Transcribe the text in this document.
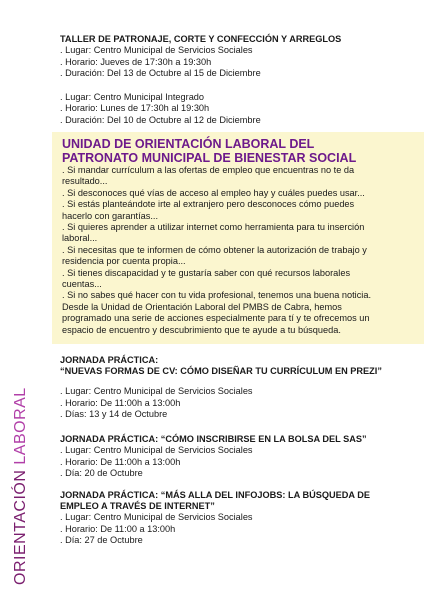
ORIENTACIÓN LABORAL
TALLER DE PATRONAJE, CORTE Y CONFECCIÓN Y ARREGLOS
. Lugar: Centro Municipal de Servicios Sociales
. Horario: Jueves de 17:30h a 19:30h
. Duración: Del 13 de Octubre al 15 de Diciembre
. Lugar: Centro Municipal Integrado
. Horario: Lunes de 17:30h al 19:30h
. Duración: Del 10 de Octubre al 12 de Diciembre
UNIDAD DE ORIENTACIÓN LABORAL DEL
PATRONATO MUNICIPAL DE BIENESTAR SOCIAL
. Si mandar currículum a las ofertas de empleo que encuentras no te da
resultado...
. Si desconoces qué vías de acceso al empleo hay y cuáles puedes usar...
. Si estás planteándote irte al extranjero pero desconoces cómo puedes
hacerlo con garantías...
. Si quieres aprender a utilizar internet como herramienta para tu inserción
laboral...
. Si necesitas que te informen de cómo obtener la autorización de trabajo y
residencia por cuenta propia...
. Si tienes discapacidad y te gustaría saber con qué recursos laborales
cuentas...
. Si no sabes qué hacer con tu vida profesional, tenemos una buena noticia.
Desde la Unidad de Orientación Laboral del PMBS de Cabra, hemos
programado una serie de acciones especialmente para tí y te ofrecemos un
espacio de encuentro y descubrimiento que te ayude a tu búsqueda.
JORNADA PRÁCTICA:
“NUEVAS FORMAS DE CV: CÓMO DISEÑAR TU CURRÍCULUM EN PREZI”
. Lugar: Centro Municipal de Servicios Sociales
. Horario: De 11:00h a 13:00h
. Días: 13 y 14 de Octubre
JORNADA PRÁCTICA: “CÓMO INSCRIBIRSE EN LA BOLSA DEL SAS”
. Lugar: Centro Municipal de Servicios Sociales
. Horario: De 11:00h a 13:00h
. Día: 20 de Octubre
JORNADA PRÁCTICA: “MÁS ALLA DEL INFOJOBS: LA BÚSQUEDA DE
EMPLEO A TRAVÉS DE INTERNET”
. Lugar: Centro Municipal de Servicios Sociales
. Horario: De 11:00 a 13:00h
. Día: 27 de Octubre
